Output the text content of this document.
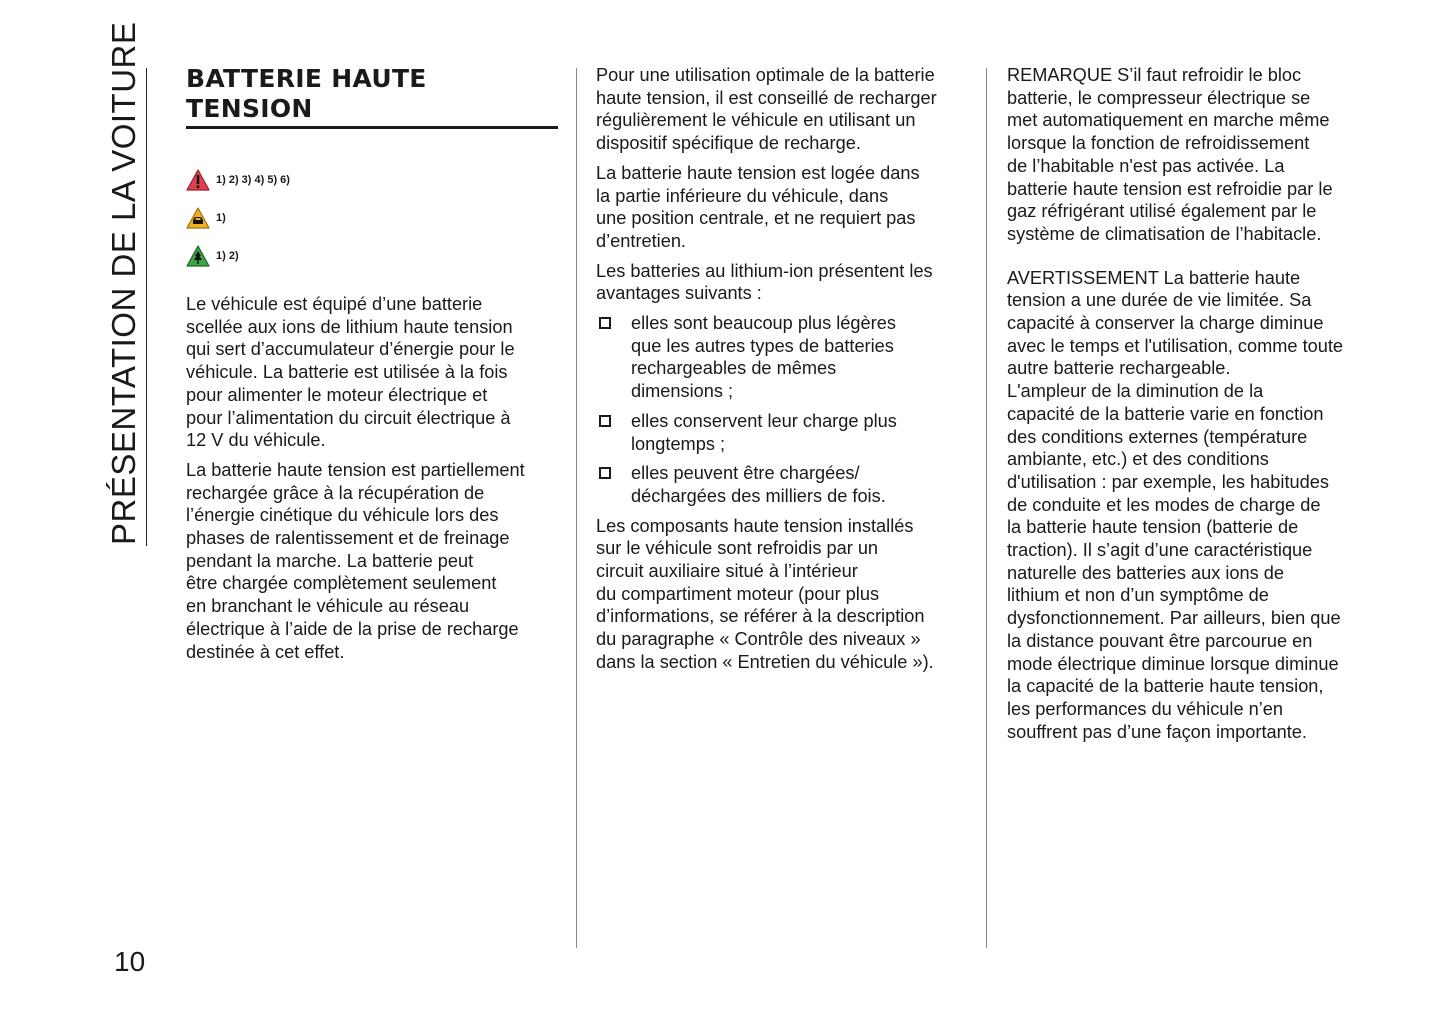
PRÉSENTATION DE LA VOITURE
10

BATTERIE HAUTE
TENSION

1) 2) 3) 4) 5) 6)
1)
1) 2)

Le véhicule est équipé d’une batterie
scellée aux ions de lithium haute tension
qui sert d’accumulateur d’énergie pour le
véhicule. La batterie est utilisée à la fois
pour alimenter le moteur électrique et
pour l’alimentation du circuit électrique à
12 V du véhicule.

La batterie haute tension est partiellement
rechargée grâce à la récupération de
l’énergie cinétique du véhicule lors des
phases de ralentissement et de freinage
pendant la marche. La batterie peut
être chargée complètement seulement
en branchant le véhicule au réseau
électrique à l’aide de la prise de recharge
destinée à cet effet.

Pour une utilisation optimale de la batterie
haute tension, il est conseillé de recharger
régulièrement le véhicule en utilisant un
dispositif spécifique de recharge.

La batterie haute tension est logée dans
la partie inférieure du véhicule, dans
une position centrale, et ne requiert pas
d’entretien.

Les batteries au lithium-ion présentent les
avantages suivants :

elles sont beaucoup plus légères
que les autres types de batteries
rechargeables de mêmes
dimensions ;
elles conservent leur charge plus
longtemps ;
elles peuvent être chargées/
déchargées des milliers de fois.

Les composants haute tension installés
sur le véhicule sont refroidis par un
circuit auxiliaire situé à l’intérieur
du compartiment moteur (pour plus
d’informations, se référer à la description
du paragraphe « Contrôle des niveaux »
dans la section « Entretien du véhicule »).

REMARQUE S’il faut refroidir le bloc
batterie, le compresseur électrique se
met automatiquement en marche même
lorsque la fonction de refroidissement
de l’habitable n'est pas activée. La
batterie haute tension est refroidie par le
gaz réfrigérant utilisé également par le
système de climatisation de l’habitacle.

AVERTISSEMENT La batterie haute
tension a une durée de vie limitée. Sa
capacité à conserver la charge diminue
avec le temps et l'utilisation, comme toute
autre batterie rechargeable.
L'ampleur de la diminution de la
capacité de la batterie varie en fonction
des conditions externes (température
ambiante, etc.) et des conditions
d'utilisation : par exemple, les habitudes
de conduite et les modes de charge de
la batterie haute tension (batterie de
traction). Il s’agit d’une caractéristique
naturelle des batteries aux ions de
lithium et non d’un symptôme de
dysfonctionnement. Par ailleurs, bien que
la distance pouvant être parcourue en
mode électrique diminue lorsque diminue
la capacité de la batterie haute tension,
les performances du véhicule n’en
souffrent pas d’une façon importante.
